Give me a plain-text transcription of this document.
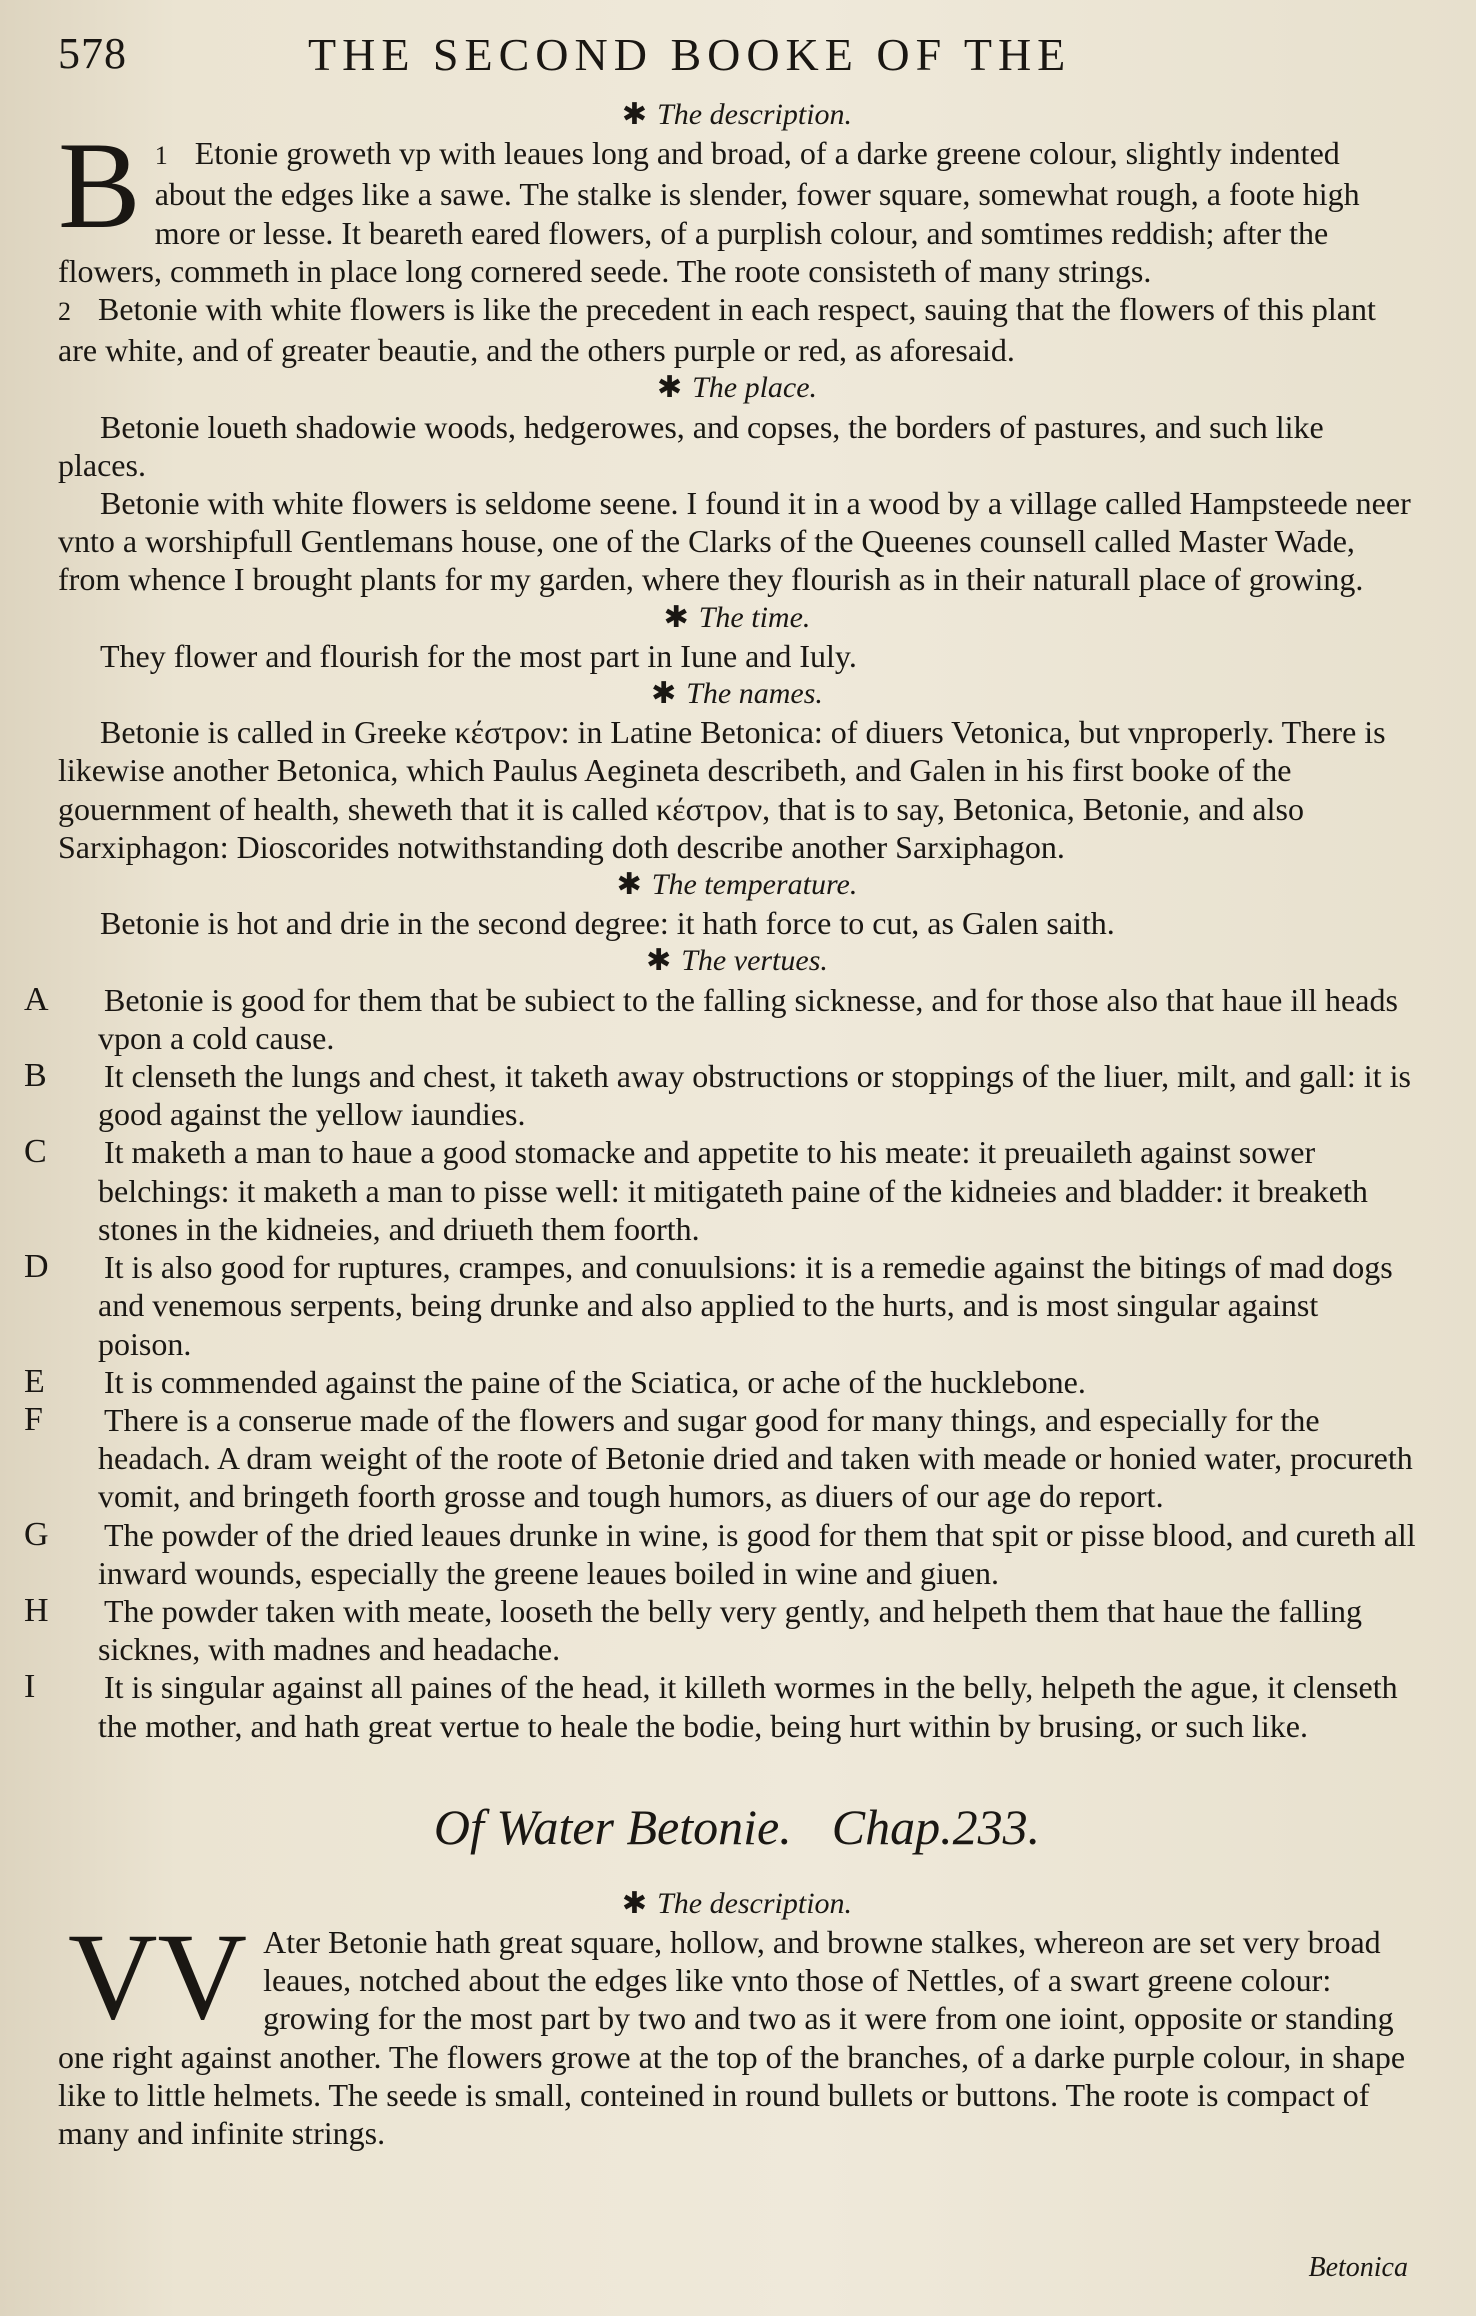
578	THE SECOND BOOKE OF THE
✱ The description.

1
B Etonie groweth vp with leaues long and broad, of a darke greene colour, slightly indented about the edges like a sawe. The stalke is slender, fower square, somewhat rough, a foote high more or lesse. It beareth eared flowers, of a purplish colour, and somtimes reddish; after the flowers, commeth in place long cornered seede. The roote consisteth of many strings.

2 Betonie with white flowers is like the precedent in each respect, sauing that the flowers of this plant are white, and of greater beautie, and the others purple or red, as aforesaid.

✱ The place.

Betonie loueth shadowie woods, hedgerowes, and copses, the borders of pastures, and such like places.

Betonie with white flowers is seldome seene. I found it in a wood by a village called Hampsteede neer vnto a worshipfull Gentlemans house, one of the Clarks of the Queenes counsell called Master Wade, from whence I brought plants for my garden, where they flourish as in their naturall place of growing.

✱ The time.

They flower and flourish for the most part in Iune and Iuly.

✱ The names.

Betonie is called in Greeke κέστρον: in Latine Betonica: of diuers Vetonica, but vnproperly. There is likewise another Betonica, which Paulus Aegineta describeth, and Galen in his first booke of the gouernment of health, sheweth that it is called κέστρον, that is to say, Betonica, Betonie, and also Sarxiphagon: Dioscorides notwithstanding doth describe another Sarxiphagon.

✱ The temperature.

Betonie is hot and drie in the second degree: it hath force to cut, as Galen saith.

✱ The vertues.
A Betonie is good for them that be subiect to the falling sicknesse, and for those also that haue ill heads vpon a cold cause.

B	It clenseth the lungs and chest, it taketh away obstructions or stoppings of the liuer, milt, and gall: it is good against the yellow iaundies.

C	It maketh a man to haue a good stomacke and appetite to his meate: it preuaileth against sower belchings: it maketh a man to pisse well: it mitigateth paine of the kidneies and bladder: it breaketh stones in the kidneies, and driueth them foorth.

D It is also good for ruptures, crampes, and conuulsions: it is a remedie against the bitings of mad dogs and venemous serpents, being drunke and also applied to the hurts, and is most singular against poison.

E	It is commended against the paine of the Sciatica, or ache of the hucklebone.

F	There is a conserue made of the flowers and sugar good for many things, and especially for the headach. A dram weight of the roote of Betonie dried and taken with meade or honied water, procureth vomit, and bringeth foorth grosse and tough humors, as diuers of our age do report.

G The powder of the dried leaues drunke in wine, is good for them that spit or pisse blood, and cureth all inward wounds, especially the greene leaues boiled in wine and giuen.

H The powder taken with meate, looseth the belly very gently, and helpeth them that haue the falling sicknes, with madnes and headache.

I	It is singular against all paines of the head, it killeth wormes in the belly, helpeth the ague, it clenseth the mother, and hath great vertue to heale the bodie, being hurt within by brusing, or such like.

Of Water Betonie. Chap.233.
✱ The description.

VV Ater Betonie hath great square, hollow, and browne stalkes, whereon are set very broad leaues, notched about the edges like vnto those of Nettles, of a swart greene colour: growing for the most part by two and two as it were from one ioint, opposite or standing one right against another. The flowers growe at the top of the branches, of a darke purple colour, in shape like to little helmets. The seede is small, conteined in round bullets or buttons. The roote is compact of many and infinite strings.

Betonica
